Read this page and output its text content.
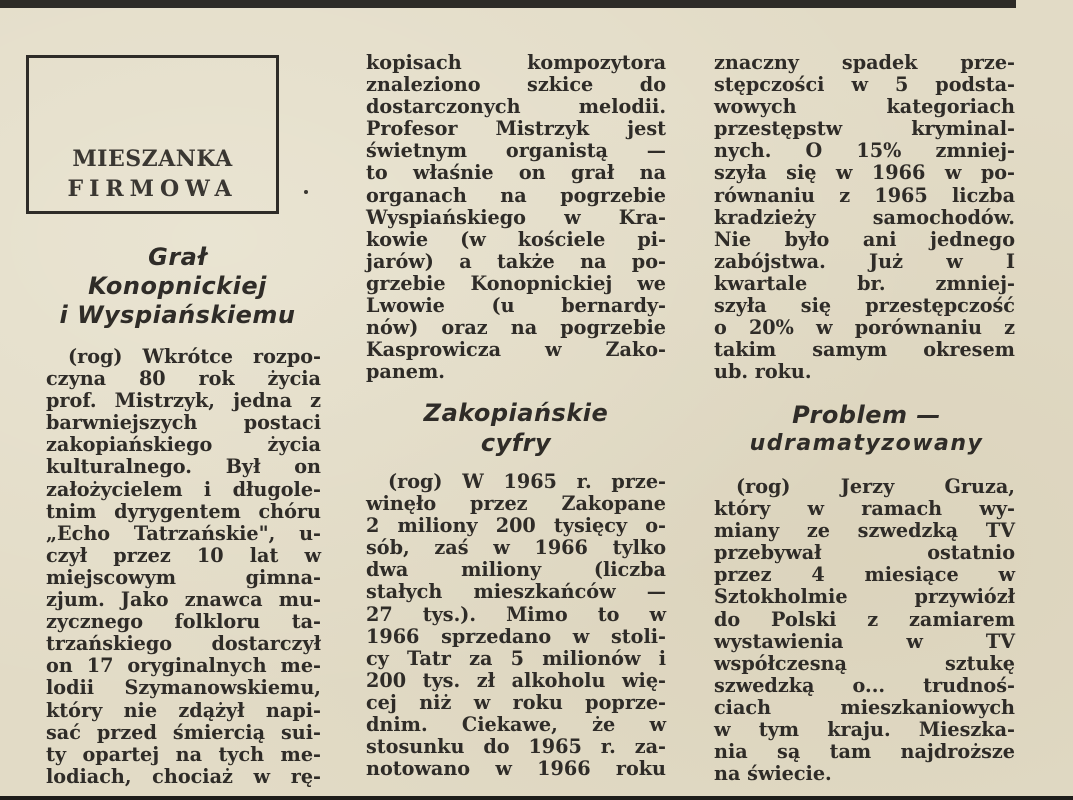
MIESZANKA
FIRMOWA
Grał
Konopnickiej
i Wyspiańskiemu
(rog) Wkrótce rozpo-
czyna 80 rok życia
prof. Mistrzyk, jedna z
barwniejszych postaci
zakopiańskiego życia
kulturalnego. Był on
założycielem i długole-
tnim dyrygentem chóru
„Echo Tatrzańskie", u-
czył przez 10 lat w
miejscowym gimna-
zjum. Jako znawca mu-
zycznego folkloru ta-
trzańskiego dostarczył
on 17 oryginalnych me-
lodii Szymanowskiemu,
który nie zdążył napi-
sać przed śmiercią sui-
ty opartej na tych me-
lodiach, chociaż w rę-
kopisach kompozytora
znaleziono szkice do
dostarczonych melodii.
Profesor Mistrzyk jest
świetnym organistą —
to właśnie on grał na
organach na pogrzebie
Wyspiańskiego w Kra-
kowie (w kościele pi-
jarów) a także na po-
grzebie Konopnickiej we
Lwowie (u bernardy-
nów) oraz na pogrzebie
Kasprowicza w Zako-
panem.
Zakopiańskie
cyfry
(rog) W 1965 r. prze-
winęło przez Zakopane
2 miliony 200 tysięcy o-
sób, zaś w 1966 tylko
dwa miliony (liczba
stałych mieszkańców —
27 tys.). Mimo to w
1966 sprzedano w stoli-
cy Tatr za 5 milionów i
200 tys. zł alkoholu wię-
cej niż w roku poprze-
dnim. Ciekawe, że w
stosunku do 1965 r. za-
notowano w 1966 roku
znaczny spadek prze-
stępczości w 5 podsta-
wowych kategoriach
przestępstw kryminal-
nych. O 15% zmniej-
szyła się w 1966 w po-
równaniu z 1965 liczba
kradzieży samochodów.
Nie było ani jednego
zabójstwa. Już w I
kwartale br. zmniej-
szyła się przestępczość
o 20% w porównaniu z
takim samym okresem
ub. roku.
Problem —
udramatyzowany
(rog) Jerzy Gruza,
który w ramach wy-
miany ze szwedzką TV
przebywał ostatnio
przez 4 miesiące w
Sztokholmie przywiózł
do Polski z zamiarem
wystawienia w TV
współczesną sztukę
szwedzką o... trudnoś-
ciach mieszkaniowych
w tym kraju. Mieszka-
nia są tam najdroższe
na świecie.
